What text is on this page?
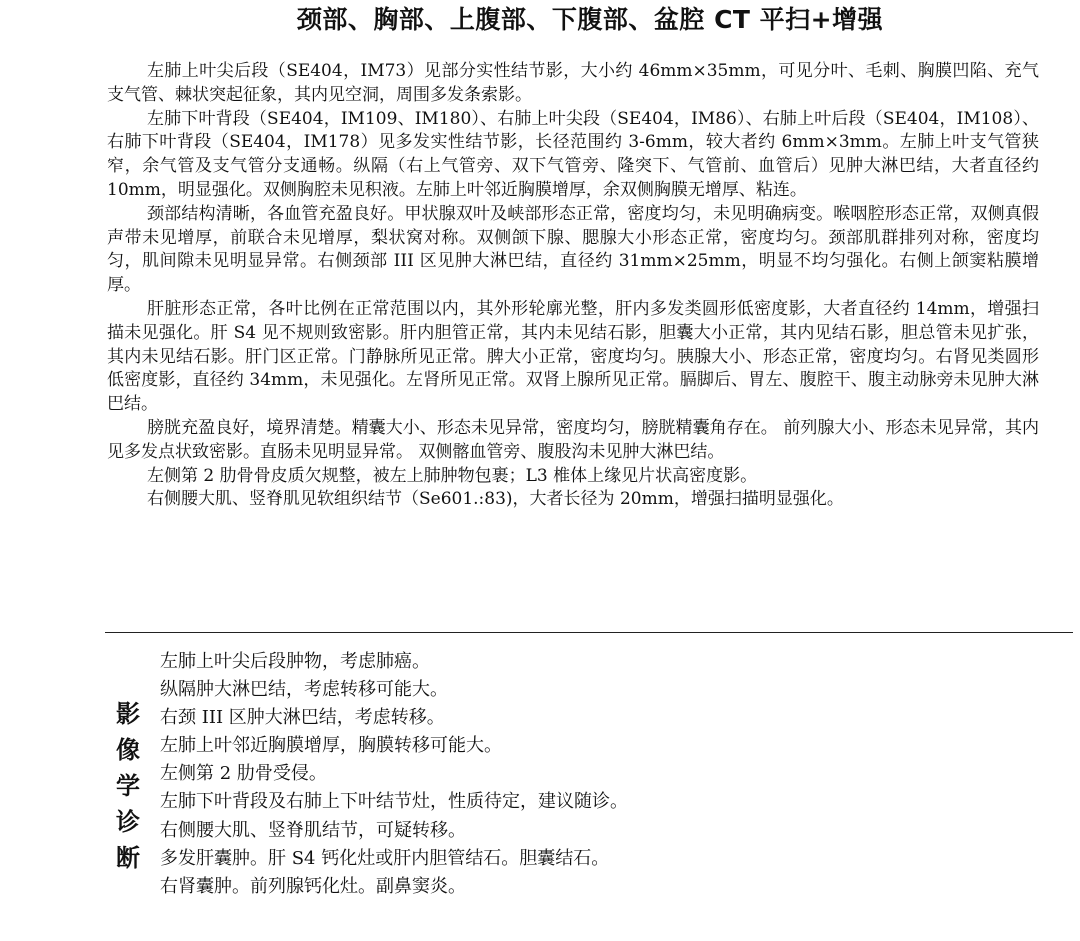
颈部、胸部、上腹部、下腹部、盆腔 CT 平扫+增强

左肺上叶尖后段（SE404，IM73）见部分实性结节影，大小约 46mm×35mm，可见分叶、毛刺、胸膜凹陷、充气支气管、棘状突起征象，其内见空洞，周围多发条索影。

左肺下叶背段（SE404，IM109、IM180）、右肺上叶尖段（SE404，IM86）、右肺上叶后段（SE404，IM108）、右肺下叶背段（SE404，IM178）见多发实性结节影，长径范围约 3-6mm，较大者约 6mm×3mm。左肺上叶支气管狭窄，余气管及支气管分支通畅。纵隔（右上气管旁、双下气管旁、隆突下、气管前、血管后）见肿大淋巴结，大者直径约 10mm，明显强化。双侧胸腔未见积液。左肺上叶邻近胸膜增厚，余双侧胸膜无增厚、粘连。

颈部结构清晰，各血管充盈良好。甲状腺双叶及峡部形态正常，密度均匀，未见明确病变。喉咽腔形态正常，双侧真假声带未见增厚，前联合未见增厚，梨状窝对称。双侧颌下腺、腮腺大小形态正常，密度均匀。颈部肌群排列对称，密度均匀，肌间隙未见明显异常。右侧颈部 III 区见肿大淋巴结，直径约 31mm×25mm，明显不均匀强化。右侧上颌窦粘膜增厚。

肝脏形态正常，各叶比例在正常范围以内，其外形轮廓光整，肝内多发类圆形低密度影，大者直径约 14mm，增强扫描未见强化。肝 S4 见不规则致密影。肝内胆管正常，其内未见结石影，胆囊大小正常，其内见结石影，胆总管未见扩张，其内未见结石影。肝门区正常。门静脉所见正常。脾大小正常，密度均匀。胰腺大小、形态正常，密度均匀。右肾见类圆形低密度影，直径约 34mm，未见强化。左肾所见正常。双肾上腺所见正常。膈脚后、胃左、腹腔干、腹主动脉旁未见肿大淋巴结。

膀胱充盈良好，境界清楚。精囊大小、形态未见异常，密度均匀，膀胱精囊角存在。 前列腺大小、形态未见异常，其内见多发点状致密影。直肠未见明显异常。 双侧髂血管旁、腹股沟未见肿大淋巴结。

左侧第 2 肋骨骨皮质欠规整，被左上肺肿物包裹；L3 椎体上缘见片状高密度影。

右侧腰大肌、竖脊肌见软组织结节（Se601.:83)，大者长径为 20mm，增强扫描明显强化。

影
像
学
诊
断
左肺上叶尖后段肿物，考虑肺癌。
纵隔肿大淋巴结，考虑转移可能大。
右颈 III 区肿大淋巴结，考虑转移。
左肺上叶邻近胸膜增厚，胸膜转移可能大。
左侧第 2 肋骨受侵。
左肺下叶背段及右肺上下叶结节灶，性质待定，建议随诊。
右侧腰大肌、竖脊肌结节，可疑转移。
多发肝囊肿。肝 S4 钙化灶或肝内胆管结石。胆囊结石。
右肾囊肿。前列腺钙化灶。副鼻窦炎。
